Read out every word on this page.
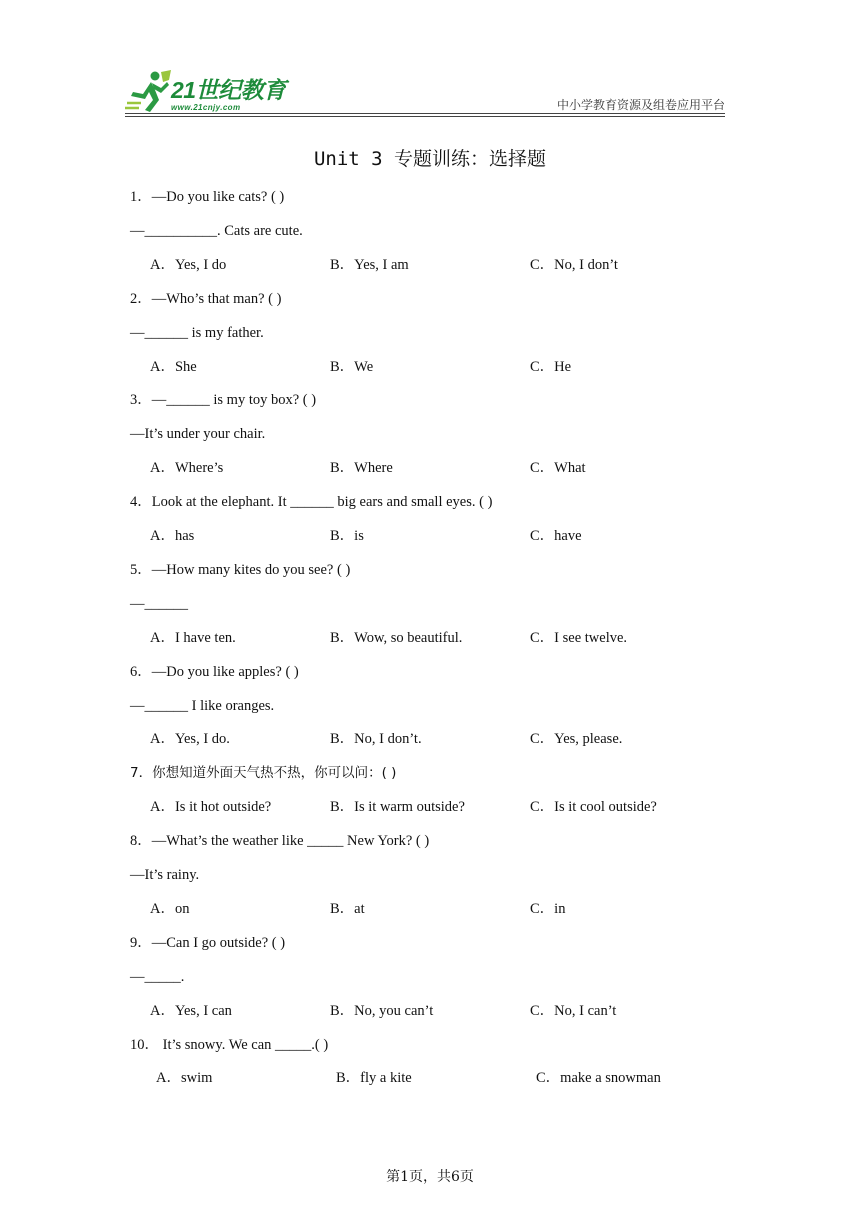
21世纪教育
www.21cnjy.com	中小学教育资源及组卷应用平台
Unit 3 专题训练：选择题
1．—Do you like cats? ( )
—__________. Cats are cute.
A．Yes, I do	B．Yes, I am	C．No, I don’t
2．—Who’s that man? ( )
—______ is my father.
A．She	B．We	C．He
3．—______ is my toy box? ( )
—It’s under your chair.
A．Where’s	B．Where	C．What
4．Look at the elephant. It ______ big ears and small eyes. ( )
A．has	B．is	C．have
5．—How many kites do you see? ( )
—______
A．I have ten.	B．Wow, so beautiful.	C．I see twelve.
6．—Do you like apples? ( )
—______ I like oranges.
A．Yes, I do.	B．No, I don’t.	C．Yes, please.
7．你想知道外面天气热不热，你可以问：( )
A．Is it hot outside?	B．Is it warm outside?	C．Is it cool outside?
8．—What’s the weather like _____ New York? ( )
—It’s rainy.
A．on	B．at	C．in
9．—Can I go outside? ( )
—_____.
A．Yes, I can	B．No, you can’t	C．No, I can’t
10． It’s snowy. We can _____.( )
A．swim	B．fly a kite	C．make a snowman
第1页，共6页
